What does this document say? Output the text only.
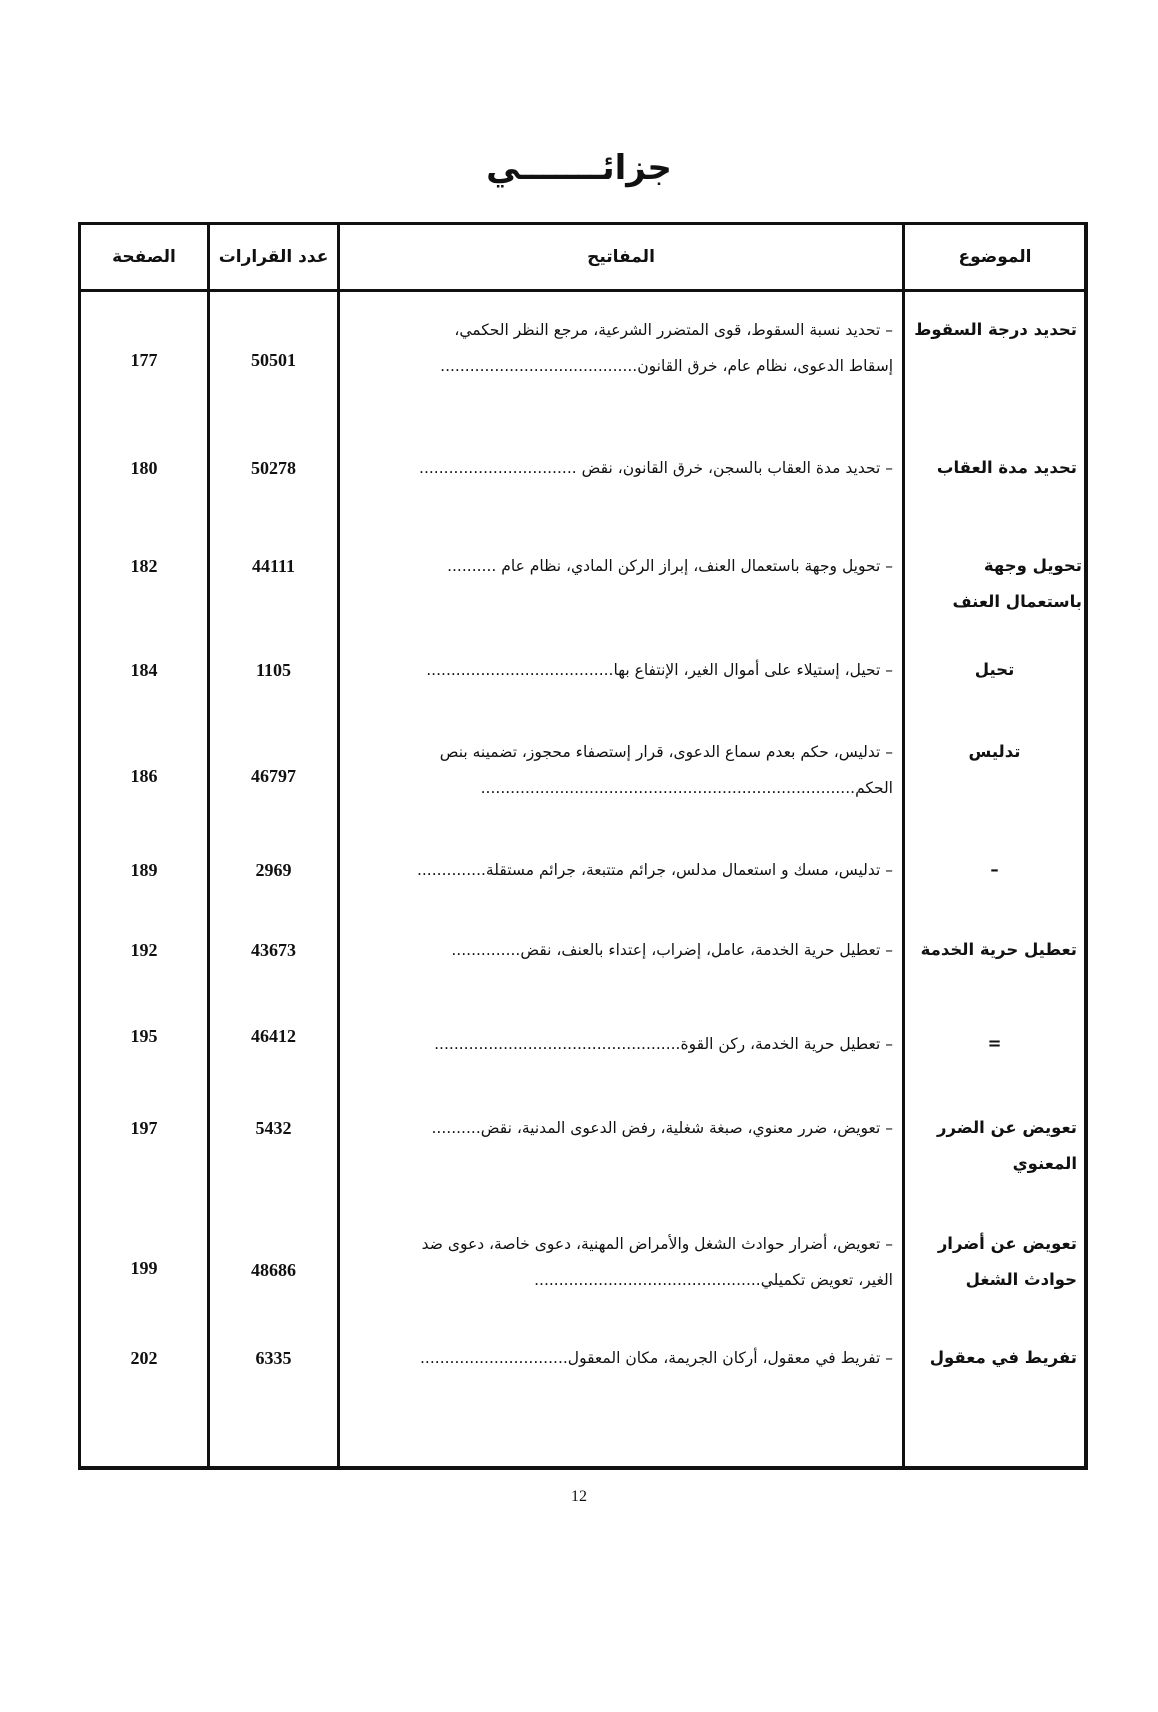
جزائـــــــي
الموضوع
المفاتيح
عدد القرارات
الصفحة
تحديد درجة السقوط
– تحديد نسبة السقوط، قوى المتضرر الشرعية، مرجع النظر الحكمي،
إسقاط الدعوى، نظام عام، خرق القانون........................................
50501
177
تحديد مدة العقاب
– تحديد مدة العقاب بالسجن، خرق القانون، نقض ................................
50278
180
تحويل وجهة باستعمال العنف
– تحويل وجهة باستعمال العنف، إبراز الركن المادي، نظام عام ..........
44111
182
تحيل
– تحيل، إستيلاء على أموال الغير، الإنتفاع بها......................................
1105
184
تدليس
– تدليس، حكم بعدم سماع الدعوى، قرار إستصفاء محجوز، تضمينه بنص
الحكم............................................................................
46797
186
–
– تدليس، مسك و استعمال مدلس، جرائم متتبعة، جرائم مستقلة..............
2969
189
تعطيل حرية الخدمة
– تعطيل حرية الخدمة، عامل، إضراب، إعتداء بالعنف، نقض..............
43673
192
=
– تعطيل حرية الخدمة، ركن القوة..................................................
46412
195
تعويض عن الضرر المعنوي
– تعويض، ضرر معنوي، صبغة شغلية، رفض الدعوى المدنية، نقض..........
5432
197
تعويض عن أضرار حوادث الشغل
– تعويض، أضرار حوادث الشغل والأمراض المهنية، دعوى خاصة، دعوى ضد
الغير، تعويض تكميلي..............................................
48686
199
تفريط في معقول
– تفريط في معقول، أركان الجريمة، مكان المعقول..............................
6335
202
12
